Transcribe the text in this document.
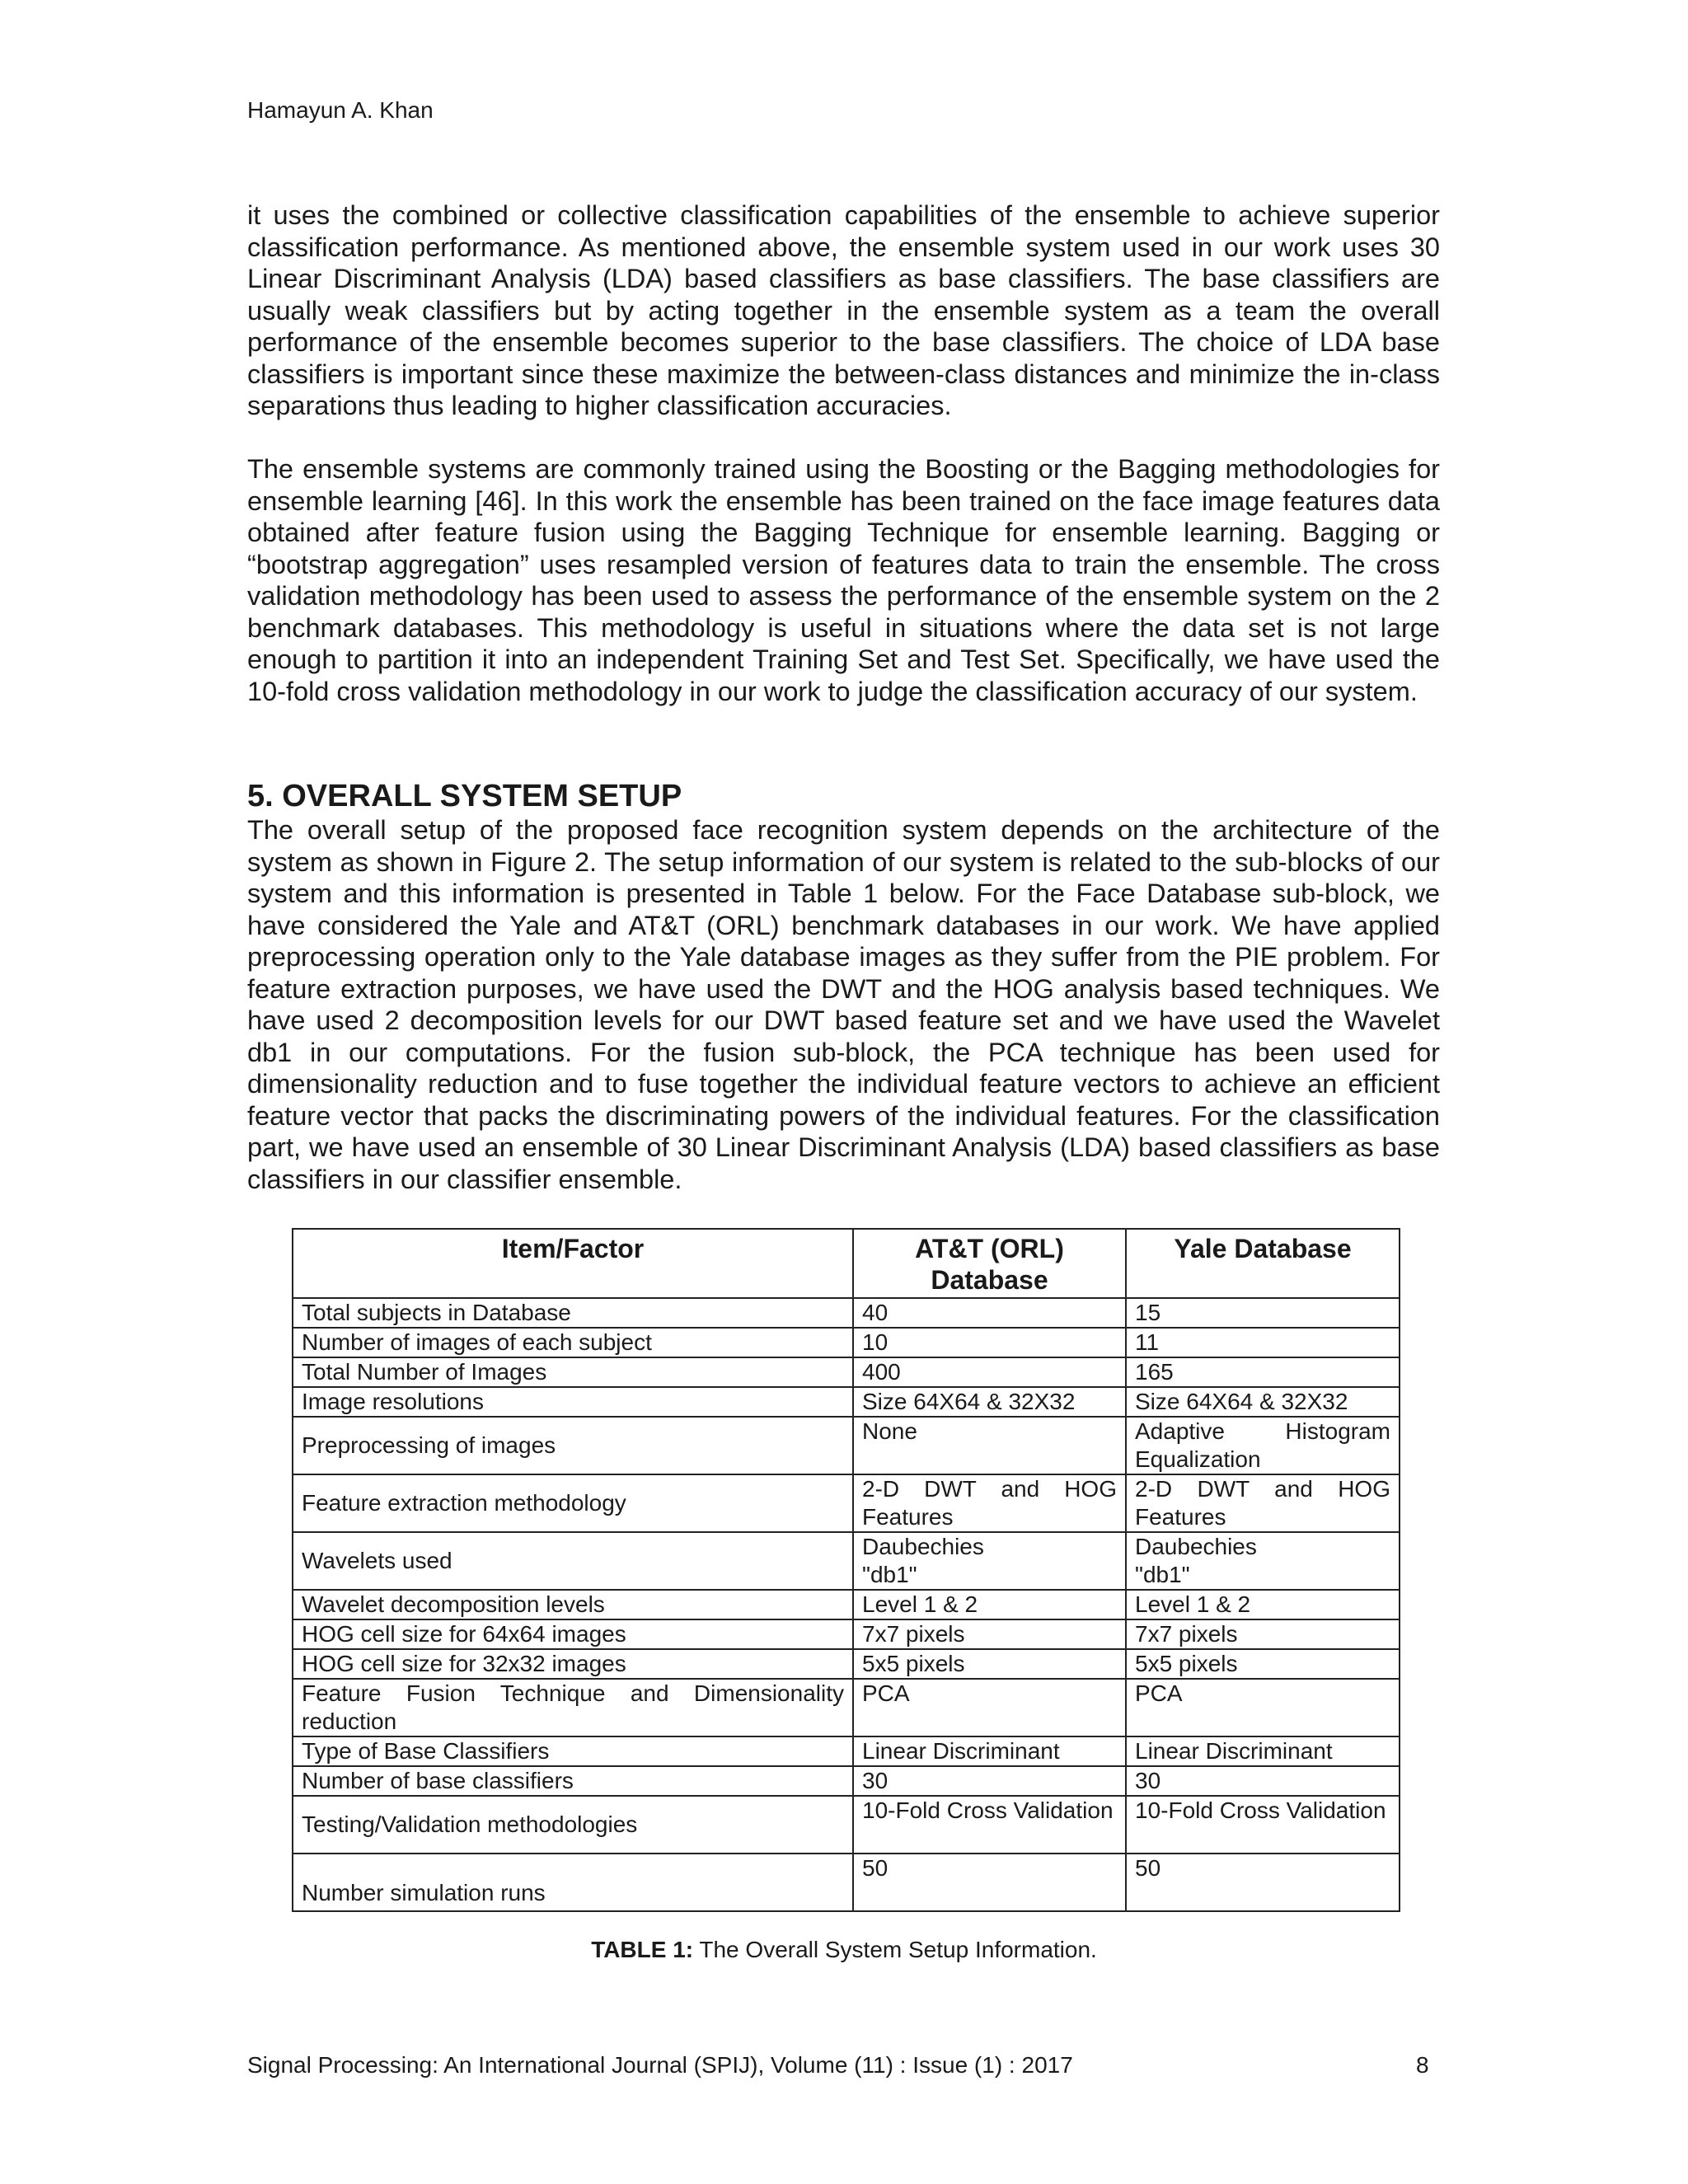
Hamayun A. Khan

it uses the combined or collective classification capabilities of the ensemble to achieve superior classification performance. As mentioned above, the ensemble system used in our work uses 30 Linear Discriminant Analysis (LDA) based classifiers as base classifiers. The base classifiers are usually weak classifiers but by acting together in the ensemble system as a team the overall performance of the ensemble becomes superior to the base classifiers. The choice of LDA base classifiers is important since these maximize the between-class distances and minimize the in-class separations thus leading to higher classification accuracies.

The ensemble systems are commonly trained using the Boosting or the Bagging methodologies for ensemble learning [46]. In this work the ensemble has been trained on the face image features data obtained after feature fusion using the Bagging Technique for ensemble learning. Bagging or “bootstrap aggregation” uses resampled version of features data to train the ensemble. The cross validation methodology has been used to assess the performance of the ensemble system on the 2 benchmark databases. This methodology is useful in situations where the data set is not large enough to partition it into an independent Training Set and Test Set. Specifically, we have used the 10-fold cross validation methodology in our work to judge the classification accuracy of our system.

5. OVERALL SYSTEM SETUP

The overall setup of the proposed face recognition system depends on the architecture of the system as shown in Figure 2. The setup information of our system is related to the sub-blocks of our system and this information is presented in Table 1 below. For the Face Database sub-block, we have considered the Yale and AT&T (ORL) benchmark databases in our work. We have applied preprocessing operation only to the Yale database images as they suffer from the PIE problem. For feature extraction purposes, we have used the DWT and the HOG analysis based techniques. We have used 2 decomposition levels for our DWT based feature set and we have used the Wavelet db1 in our computations. For the fusion sub-block, the PCA technique has been used for dimensionality reduction and to fuse together the individual feature vectors to achieve an efficient feature vector that packs the discriminating powers of the individual features. For the classification part, we have used an ensemble of 30 Linear Discriminant Analysis (LDA) based classifiers as base classifiers in our classifier ensemble.

Item/Factor	AT&T (ORL) Database	Yale Database
Total subjects in Database	40	15
Number of images of each subject	10	11
Total Number of Images	400	165
Image resolutions	Size 64X64 & 32X32	Size 64X64 & 32X32
Preprocessing of images	None	Adaptive Histogram Equalization
Feature extraction methodology	2-D DWT and HOG Features	2-D DWT and HOG Features
Wavelets used	Daubechies "db1"	Daubechies "db1"
Wavelet decomposition levels	Level 1 & 2	Level 1 & 2
HOG cell size for 64x64 images	7x7 pixels	7x7 pixels
HOG cell size for 32x32 images	5x5 pixels	5x5 pixels
Feature Fusion Technique and Dimensionality reduction	PCA	PCA
Type of Base Classifiers	Linear Discriminant	Linear Discriminant
Number of base classifiers	30	30
Testing/Validation methodologies	10-Fold Cross Validation	10-Fold Cross Validation
Number simulation runs	50	50
TABLE 1: The Overall System Setup Information.
Signal Processing: An International Journal (SPIJ), Volume (11) : Issue (1) : 2017	8
